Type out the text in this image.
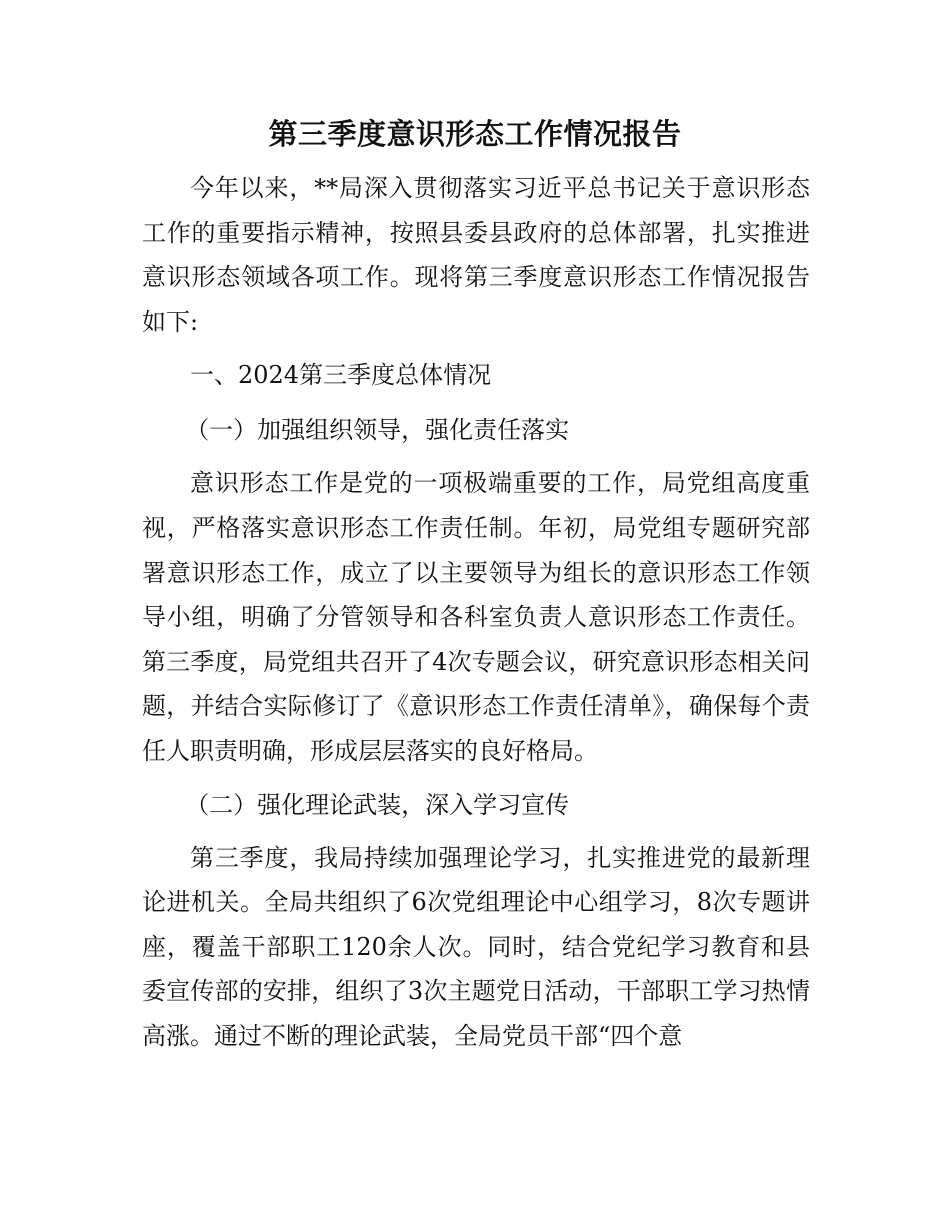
第三季度意识形态工作情况报告

今年以来，**局深入贯彻落实习近平总书记关于意识形态工作的重要指示精神，按照县委县政府的总体部署，扎实推进意识形态领域各项工作。现将第三季度意识形态工作情况报告如下:

一、2024第三季度总体情况

（一）加强组织领导，强化责任落实

意识形态工作是党的一项极端重要的工作，局党组高度重视，严格落实意识形态工作责任制。年初，局党组专题研究部署意识形态工作，成立了以主要领导为组长的意识形态工作领导小组，明确了分管领导和各科室负责人意识形态工作责任。第三季度，局党组共召开了4次专题会议，研究意识形态相关问题，并结合实际修订了《意识形态工作责任清单》，确保每个责任人职责明确，形成层层落实的良好格局。

（二）强化理论武装，深入学习宣传

第三季度，我局持续加强理论学习，扎实推进党的最新理论进机关。全局共组织了6次党组理论中心组学习，8次专题讲座，覆盖干部职工120余人次。同时，结合党纪学习教育和县委宣传部的安排，组织了3次主题党日活动，干部职工学习热情高涨。通过不断的理论武装，全局党员干部“四个意
